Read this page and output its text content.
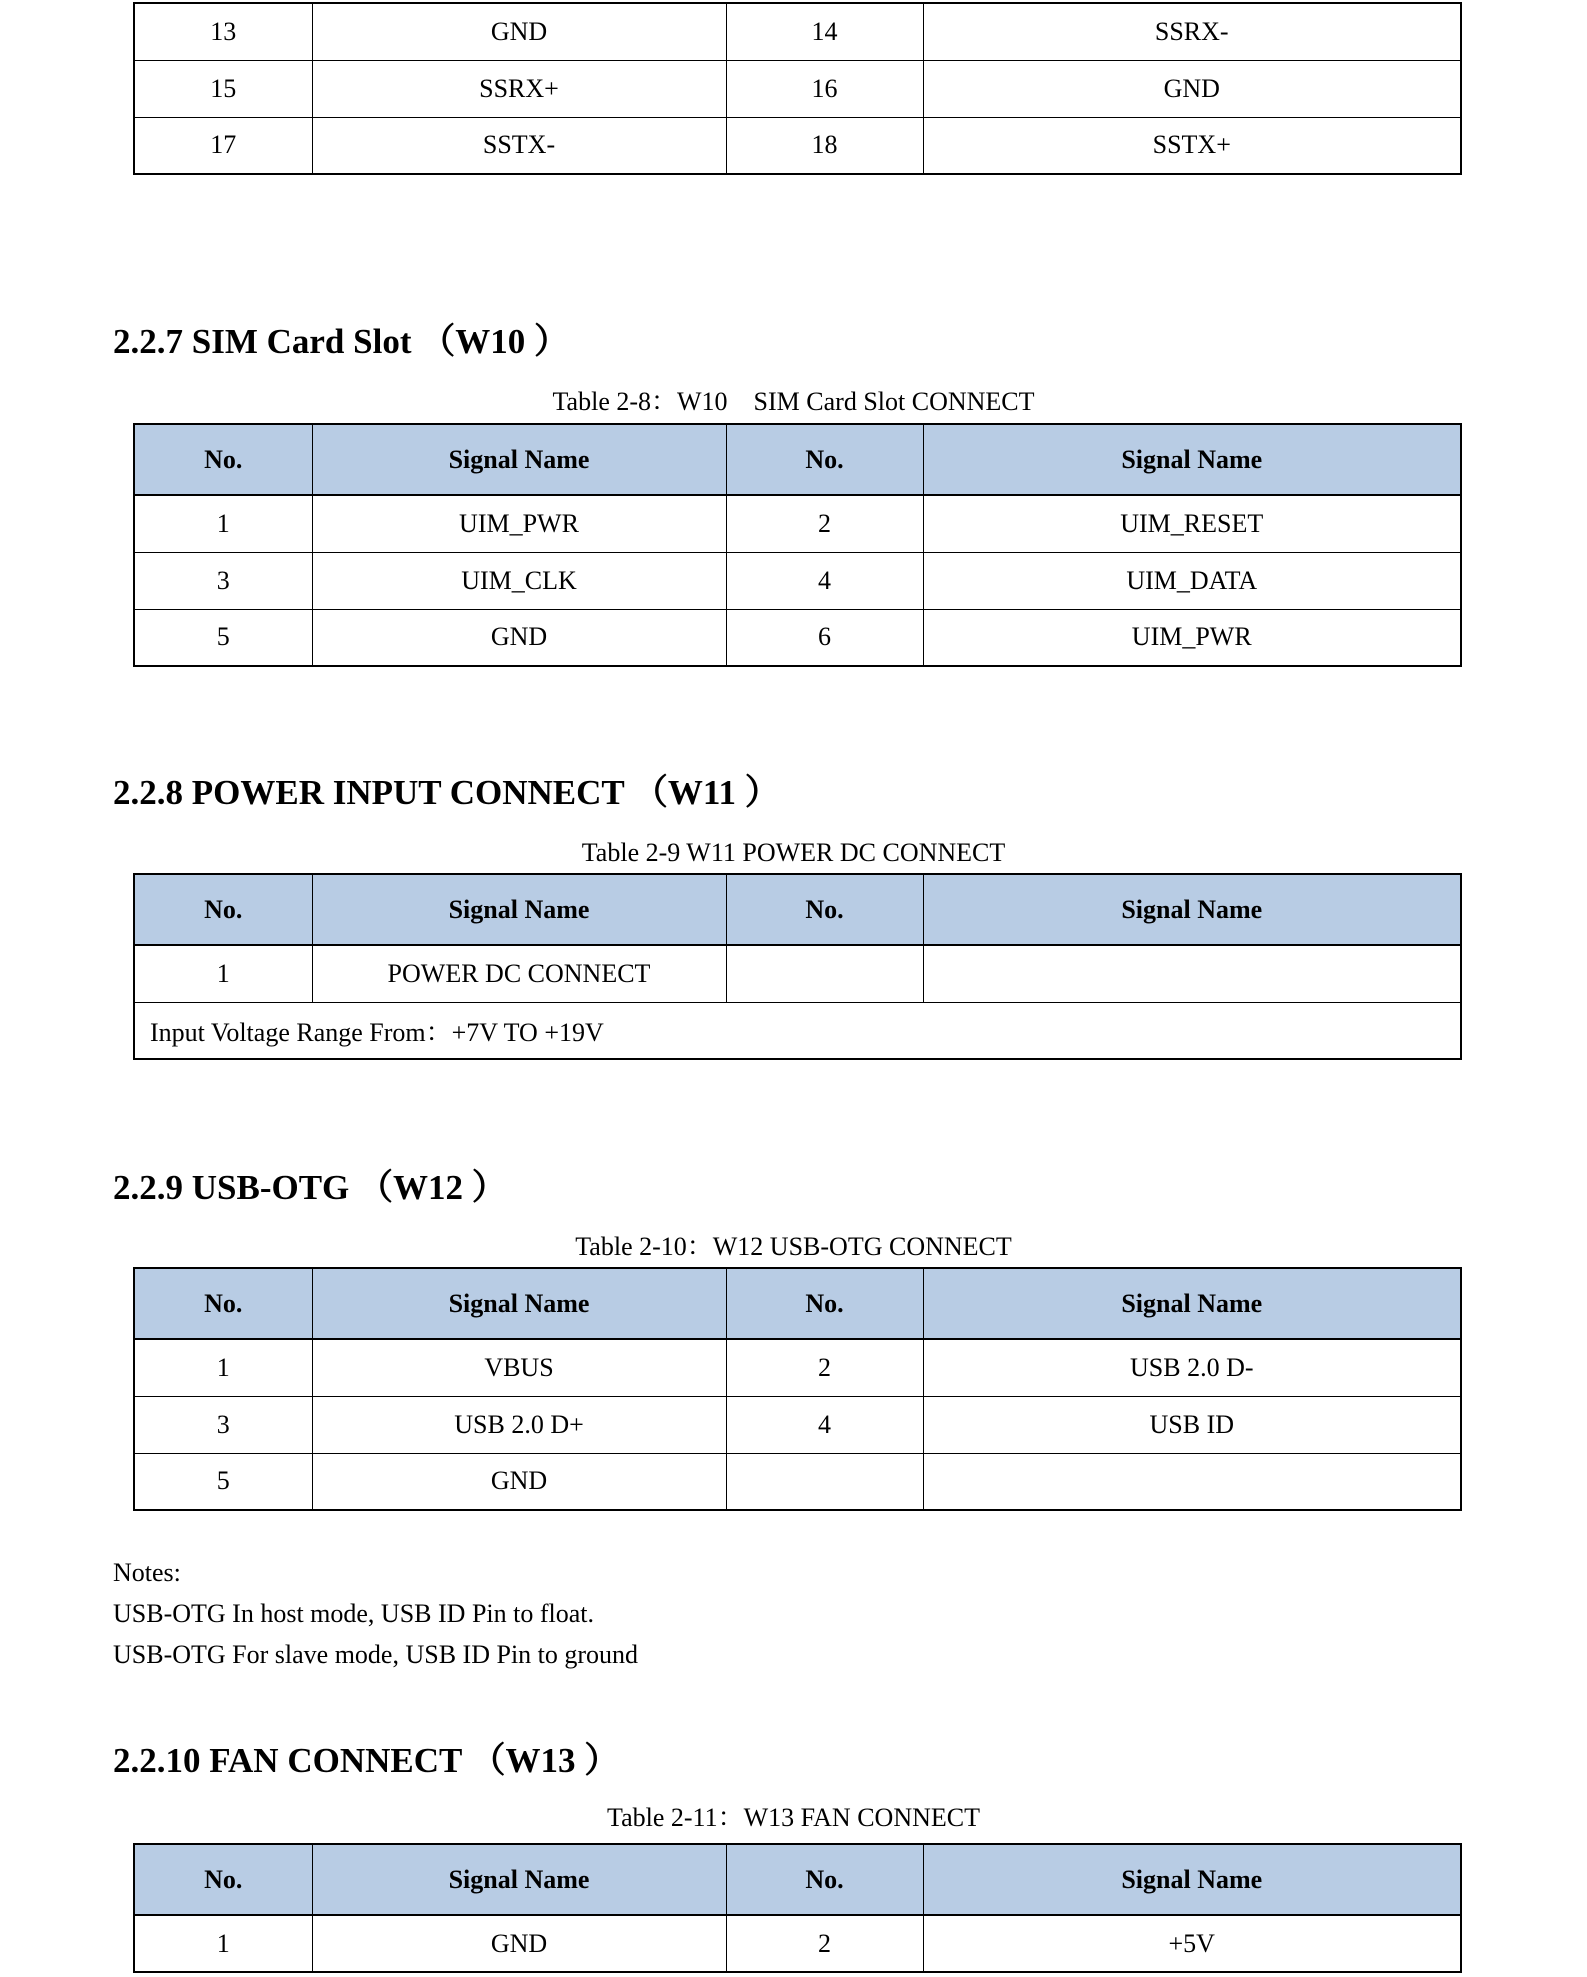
13	GND	14	SSRX-
15	SSRX+	16	GND
17	SSTX-	18	SSTX+
2.2.7 SIM Card Slot （W10 ）
Table 2-8：W10　SIM Card Slot CONNECT
No.	Signal Name	No.	Signal Name
1	UIM_PWR	2	UIM_RESET
3	UIM_CLK	4	UIM_DATA
5	GND	6	UIM_PWR
2.2.8 POWER INPUT CONNECT （W11 ）
Table 2-9 W11 POWER DC CONNECT
No.	Signal Name	No.	Signal Name
1	POWER DC CONNECT		
Input Voltage Range From：+7V TO +19V			
2.2.9 USB-OTG （W12 ）
Table 2-10：W12 USB-OTG CONNECT
No.	Signal Name	No.	Signal Name
1	VBUS	2	USB 2.0 D-
3	USB 2.0 D+	4	USB ID
5	GND		
Notes:
USB-OTG In host mode, USB ID Pin to float.
USB-OTG For slave mode, USB ID Pin to ground
2.2.10 FAN CONNECT （W13 ）
Table 2-11：W13 FAN CONNECT
No.	Signal Name	No.	Signal Name
1	GND	2	+5V
